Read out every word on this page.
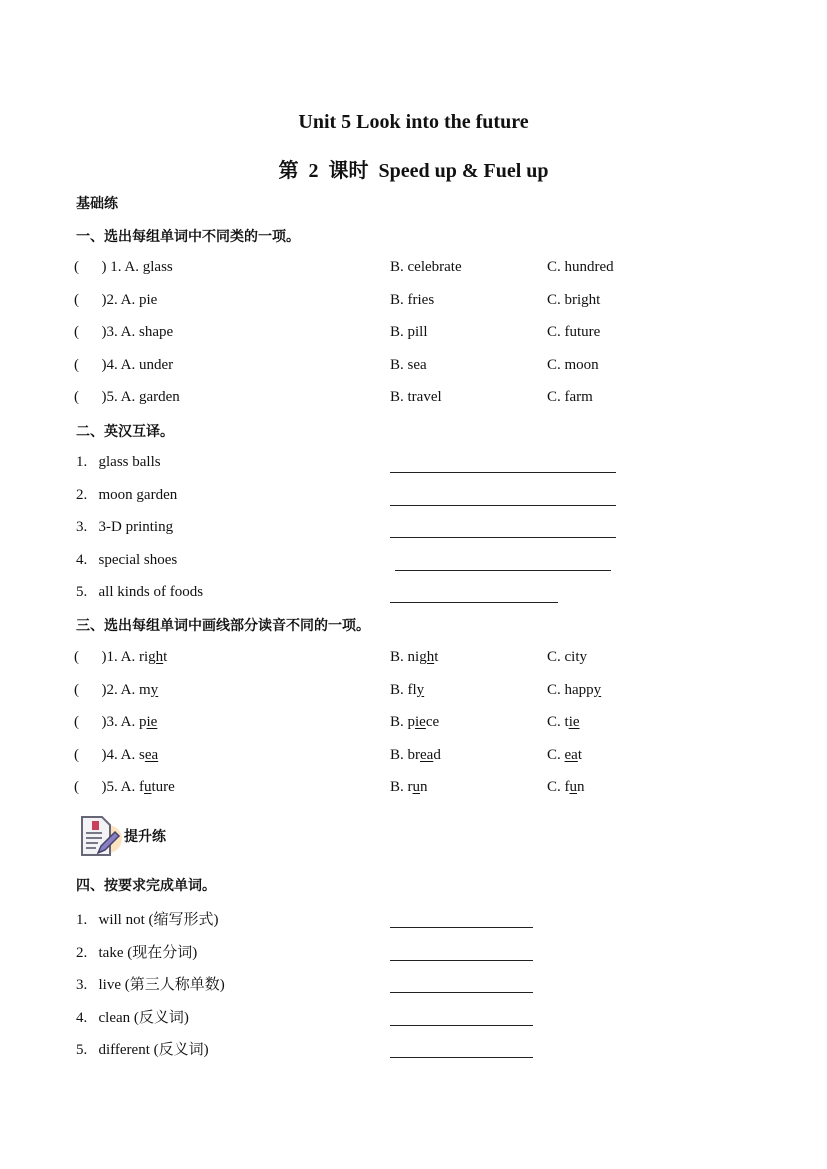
Unit 5 Look into the future
第  2  课时  Speed up & Fuel up
基础练
一、选出每组单词中不同类的一项。
(      ) 1. A. glass	B. celebrate	C. hundred
(      )2. A. pie	B. fries	C. bright
(      )3. A. shape	B. pill	C. future
(      )4. A. under	B. sea	C. moon
(      )5. A. garden	B. travel	C. farm
二、英汉互译。
1.   glass balls
2.   moon garden
3.   3-D printing
4.   special shoes
5.   all kinds of foods
三、选出每组单词中画线部分读音不同的一项。
(      )1. A. right	B. night	C. city
(      )2. A. my	B. fly	C. happy
(      )3. A. pie	B. piece	C. tie
(      )4. A. sea	B. bread	C. eat
(      )5. A. future	B. run	C. fun
提升练
四、按要求完成单词。
1.   will not (缩写形式)
2.   take (现在分词)
3.   live (第三人称单数)
4.   clean (反义词)
5.   different (反义词)
